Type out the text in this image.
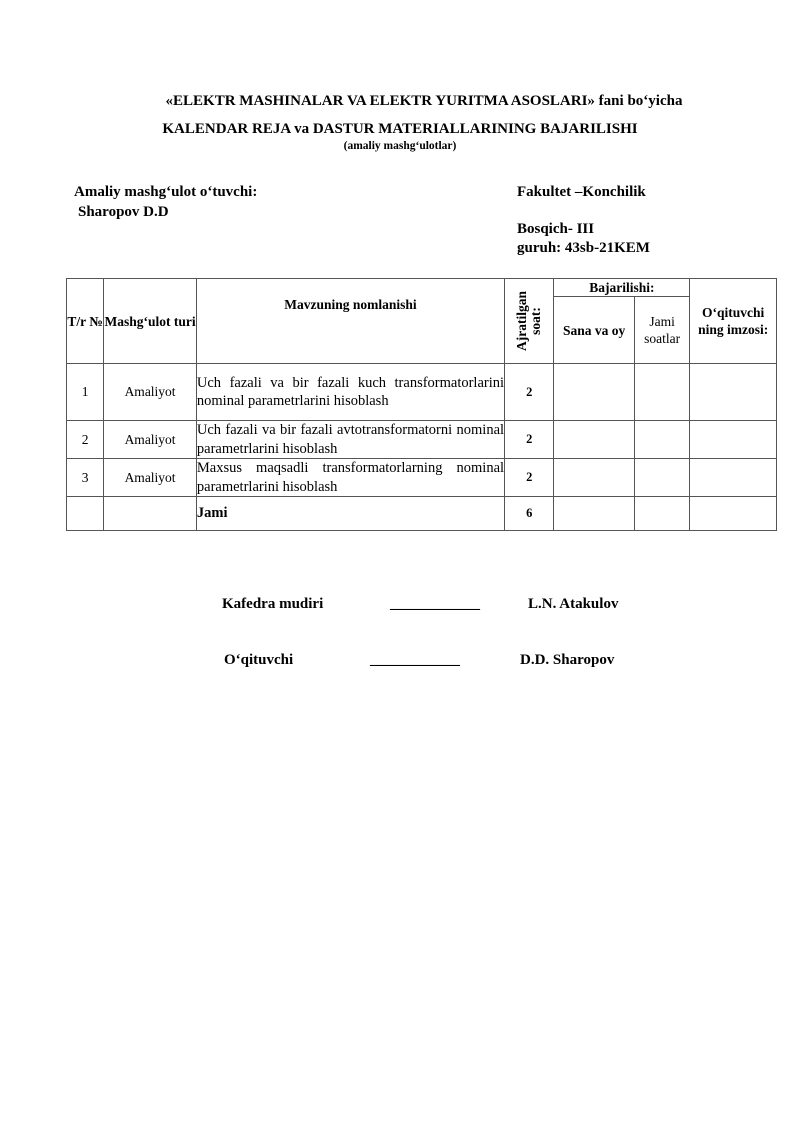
«ELEKTR MASHINALAR VA ELEKTR YURITMA ASOSLARI» fani bo‘yicha
KALENDAR REJA va DASTUR MATERIALLARINING BAJARILISHI
(amaliy mashg‘ulotlar)
Amaliy mashg‘ulot o‘tuvchi:
Sharopov D.D
Fakultet –Konchilik
Bosqich- III
guruh: 43sb-21KEM
T/r №	Mashg‘ulot turi	Mavzuning nomlanishi	Ajratilgan soat:	Bajarilishi:		O‘qituvchi ning imzosi:
				Sana va oy	Jami soatlar	
1	Amaliyot	Uch fazali va bir fazali kuch transformatorlarini nominal parametrlarini hisoblash	2			
2	Amaliyot	Uch fazali va bir fazali avtotransformatorni nominal parametrlarini hisoblash	2			
3	Amaliyot	Maxsus maqsadli transformatorlarning nominal parametrlarini hisoblash	2			
		Jami	6			
Kafedra mudiri	____________	L.N. Atakulov
O‘qituvchi	____________	D.D. Sharopov
